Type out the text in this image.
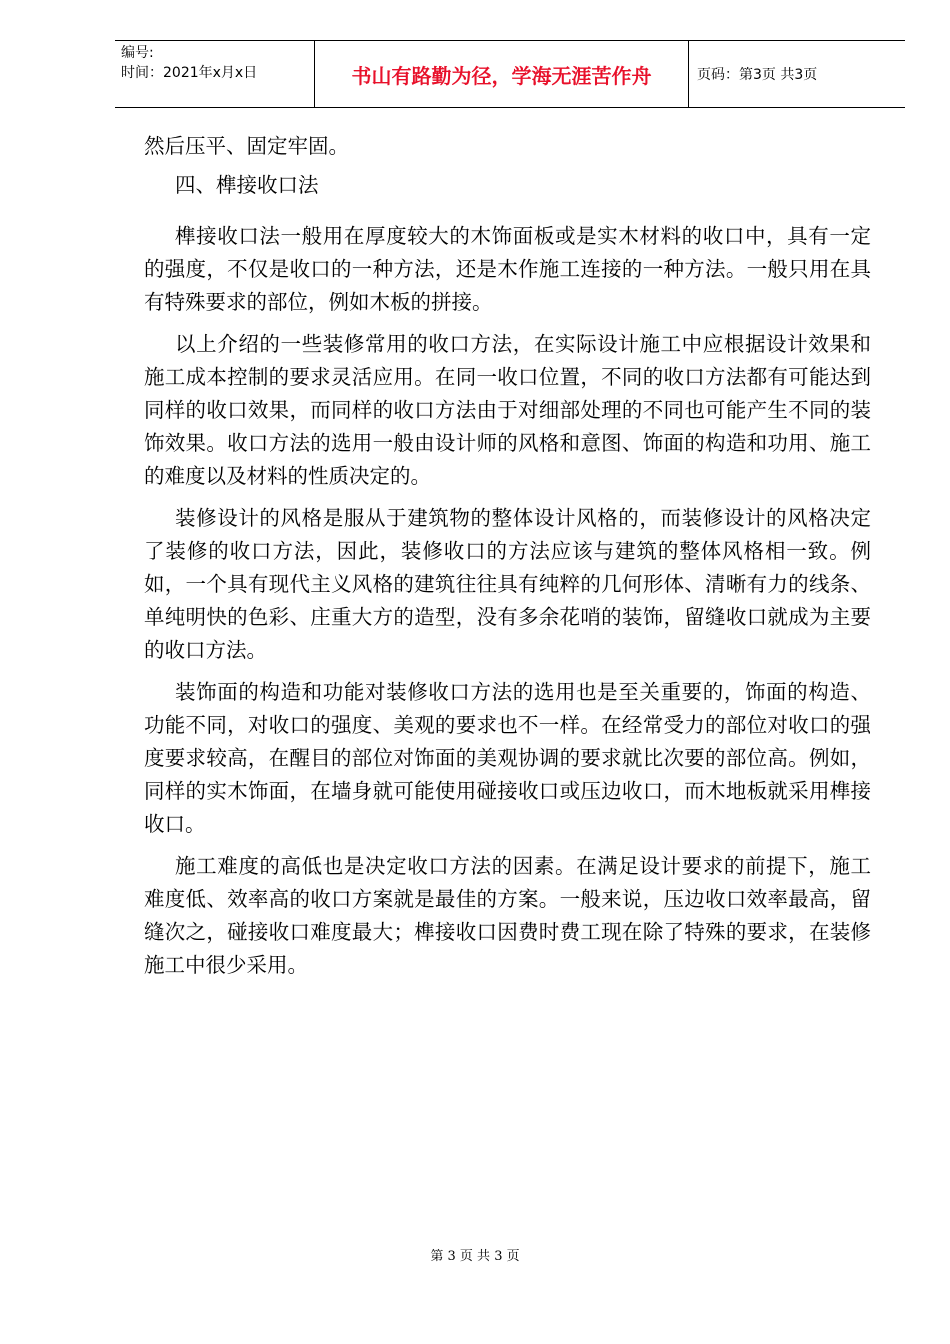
编号:
时间：2021年x月x日	书山有路勤为径，学海无涯苦作舟	页码：第3页 共3页

然后压平、固定牢固。

四、榫接收口法

榫接收口法一般用在厚度较大的木饰面板或是实木材料的收口中，具有一定的强度，不仅是收口的一种方法，还是木作施工连接的一种方法。一般只用在具有特殊要求的部位，例如木板的拼接。

以上介绍的一些装修常用的收口方法，在实际设计施工中应根据设计效果和施工成本控制的要求灵活应用。在同一收口位置，不同的收口方法都有可能达到同样的收口效果，而同样的收口方法由于对细部处理的不同也可能产生不同的装饰效果。收口方法的选用一般由设计师的风格和意图、饰面的构造和功用、施工的难度以及材料的性质决定的。

装修设计的风格是服从于建筑物的整体设计风格的，而装修设计的风格决定了装修的收口方法，因此，装修收口的方法应该与建筑的整体风格相一致。例如，一个具有现代主义风格的建筑往往具有纯粹的几何形体、清晰有力的线条、单纯明快的色彩、庄重大方的造型，没有多余花哨的装饰，留缝收口就成为主要的收口方法。

装饰面的构造和功能对装修收口方法的选用也是至关重要的，饰面的构造、功能不同，对收口的强度、美观的要求也不一样。在经常受力的部位对收口的强度要求较高，在醒目的部位对饰面的美观协调的要求就比次要的部位高。例如，同样的实木饰面，在墙身就可能使用碰接收口或压边收口，而木地板就采用榫接收口。

施工难度的高低也是决定收口方法的因素。在满足设计要求的前提下，施工难度低、效率高的收口方案就是最佳的方案。一般来说，压边收口效率最高，留缝次之，碰接收口难度最大；榫接收口因费时费工现在除了特殊的要求，在装修施工中很少采用。

第 3 页 共 3 页
